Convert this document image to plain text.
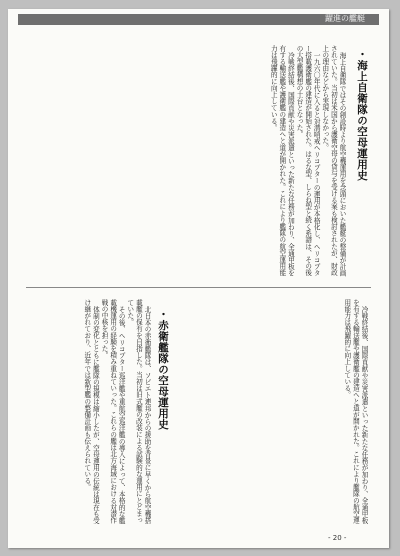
躍進の艦艇
・海上自衛隊の空母運用史

海上自衛隊ではその創設時より航空機運用を念頭においた艦艇の整備が計画されていた。当初は米国から護衛空母の貸与を受ける案も検討されたが、財政上の理由などから実現しなかった。

一九六〇年代に入ると対潜哨戒ヘリコプターの運用が本格化し、ヘリコプター搭載護衛艦の建造が開始された。はるな型、しらね型と続く系譜は、その後の大型艦構想の土台となった。

冷戦終結後、国際貢献や災害派遣といった新たな任務が加わり、全通甲板を有する輸送艦や護衛艦の建造へと道が開かれた。これにより艦隊の航空運用能力は飛躍的に向上している。

冷戦終結後、国際貢献や災害派遣といった新たな任務が加わり、全通甲板を有する輸送艦や護衛艦の建造へと道が開かれた。これにより艦隊の航空運用能力は飛躍的に向上している。

・赤衛艦隊の空母運用史

北日本の赤衛艦隊は、ソビエト連邦からの援助を背景に早くから航空機搭載艦の保有を目指した。当初は旧式艦の改装による試験的な運用にとどまっていた。

その後、ヘリコプター巡洋艦や重航空巡洋艦の導入によって、本格的な艦載機運用の経験を積み重ねていった。これらの艦は北方海域における対潜作戦の中核を担った。

体制の変化とともに艦隊の規模は縮小したが、空母運用の伝統は現在も受け継がれており、近年では新型艦の整備計画も伝えられている。

- 20 -
